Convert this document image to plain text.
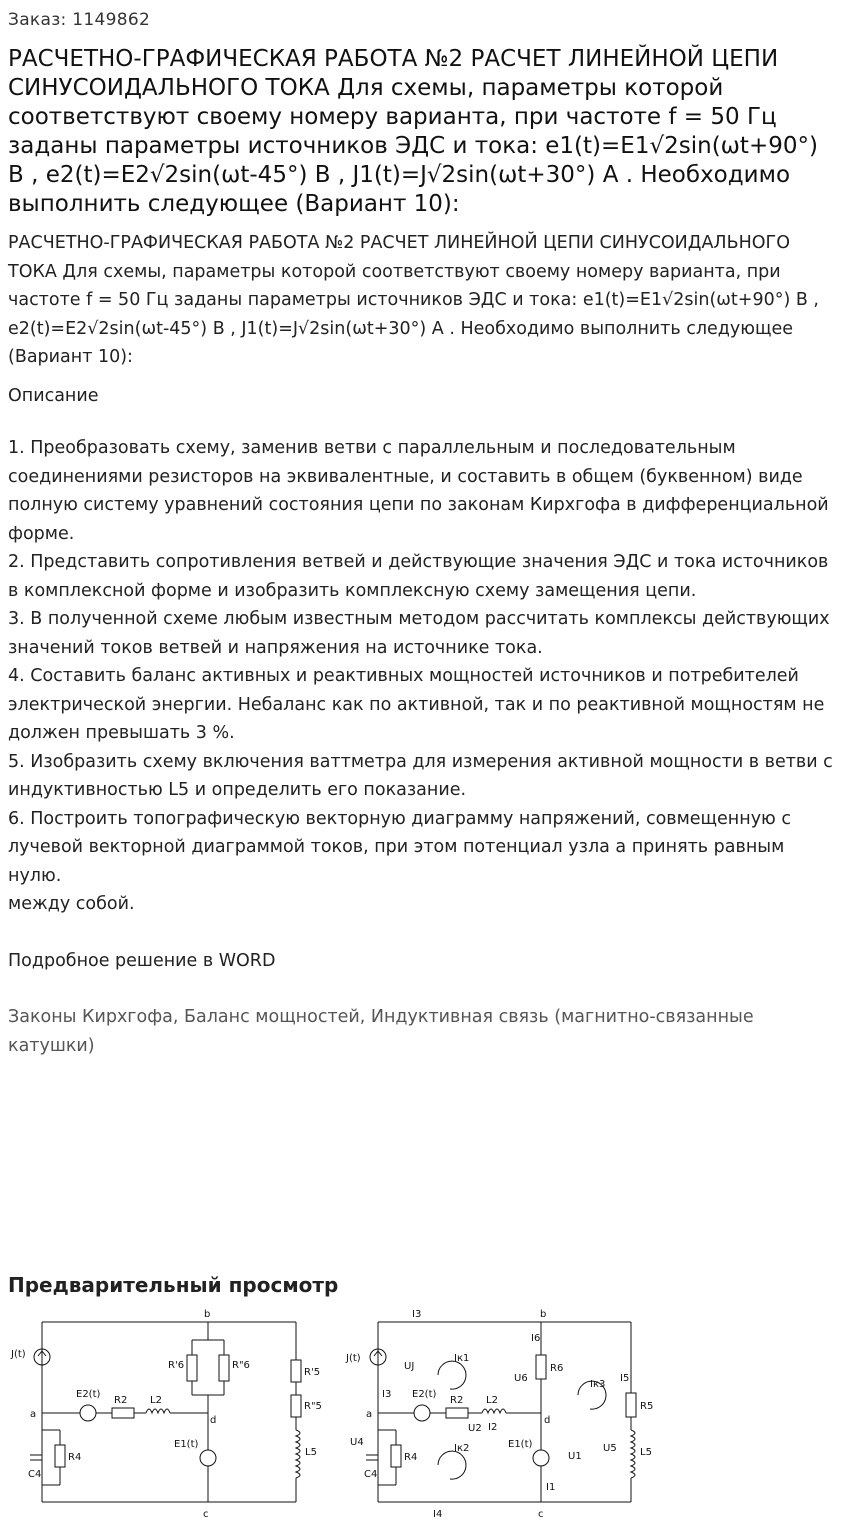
Заказ: 1149862
РАСЧЕТНО-ГРАФИЧЕСКАЯ РАБОТА №2 РАСЧЕТ ЛИНЕЙНОЙ ЦЕПИ СИНУСОИДАЛЬНОГО ТОКА Для схемы, параметры которой соответствуют своему номеру варианта, при частоте f = 50 Гц заданы параметры источников ЭДС и тока: e1(t)=E1√2sin(ωt+90°) В , e2(t)=E2√2sin(ωt-45°) В , J1(t)=J√2sin(ωt+30°) А . Необходимо выполнить следующее (Вариант 10):
РАСЧЕТНО-ГРАФИЧЕСКАЯ РАБОТА №2 РАСЧЕТ ЛИНЕЙНОЙ ЦЕПИ СИНУСОИДАЛЬНОГО ТОКА Для схемы, параметры которой соответствуют своему номеру варианта, при частоте f = 50 Гц заданы параметры источников ЭДС и тока: e1(t)=E1√2sin(ωt+90°) В , e2(t)=E2√2sin(ωt-45°) В , J1(t)=J√2sin(ωt+30°) А . Необходимо выполнить следующее (Вариант 10):
Описание
1. Преобразовать схему, заменив ветви с параллельным и последовательным соединениями резисторов на эквивалентные, и составить в общем (буквенном) виде полную систему уравнений состояния цепи по законам Кирхгофа в дифференциальной форме.
2. Представить сопротивления ветвей и действующие значения ЭДС и тока источников в комплексной форме и изобразить комплексную схему замещения цепи.
3. В полученной схеме любым известным методом рассчитать комплексы действующих значений токов ветвей и напряжения на источнике тока.
4. Составить баланс активных и реактивных мощностей источников и потребителей электрической энергии. Небаланс как по активной, так и по реактивной мощностям не должен превышать 3 %.
5. Изобразить схему включения ваттметра для измерения активной мощности в ветви с индуктивностью L5 и определить его показание.
6. Построить топографическую векторную диаграмму напряжений, совмещенную с лучевой векторной диаграммой токов, при этом потенциал узла а принять равным нулю.
между собой.
Подробное решение в WORD
Законы Кирхгофа, Баланс мощностей, Индуктивная связь (магнитно-связанные катушки)
Предварительный просмотр
b
a
d
c
J(t)
E2(t)
R2 L2
R'6	R"6
R'5
R"5
L5
E1(t)
C4
R4
b
a
d
c
I3
I3
I6
I5
I4
I1
I2
J(t)
UJ
Iк1
Iк2
Iк3
U6
R6
R5
L5
U5
E2(t)
R2 L2
U2
E1(t)
U1
U4
C4
R4
